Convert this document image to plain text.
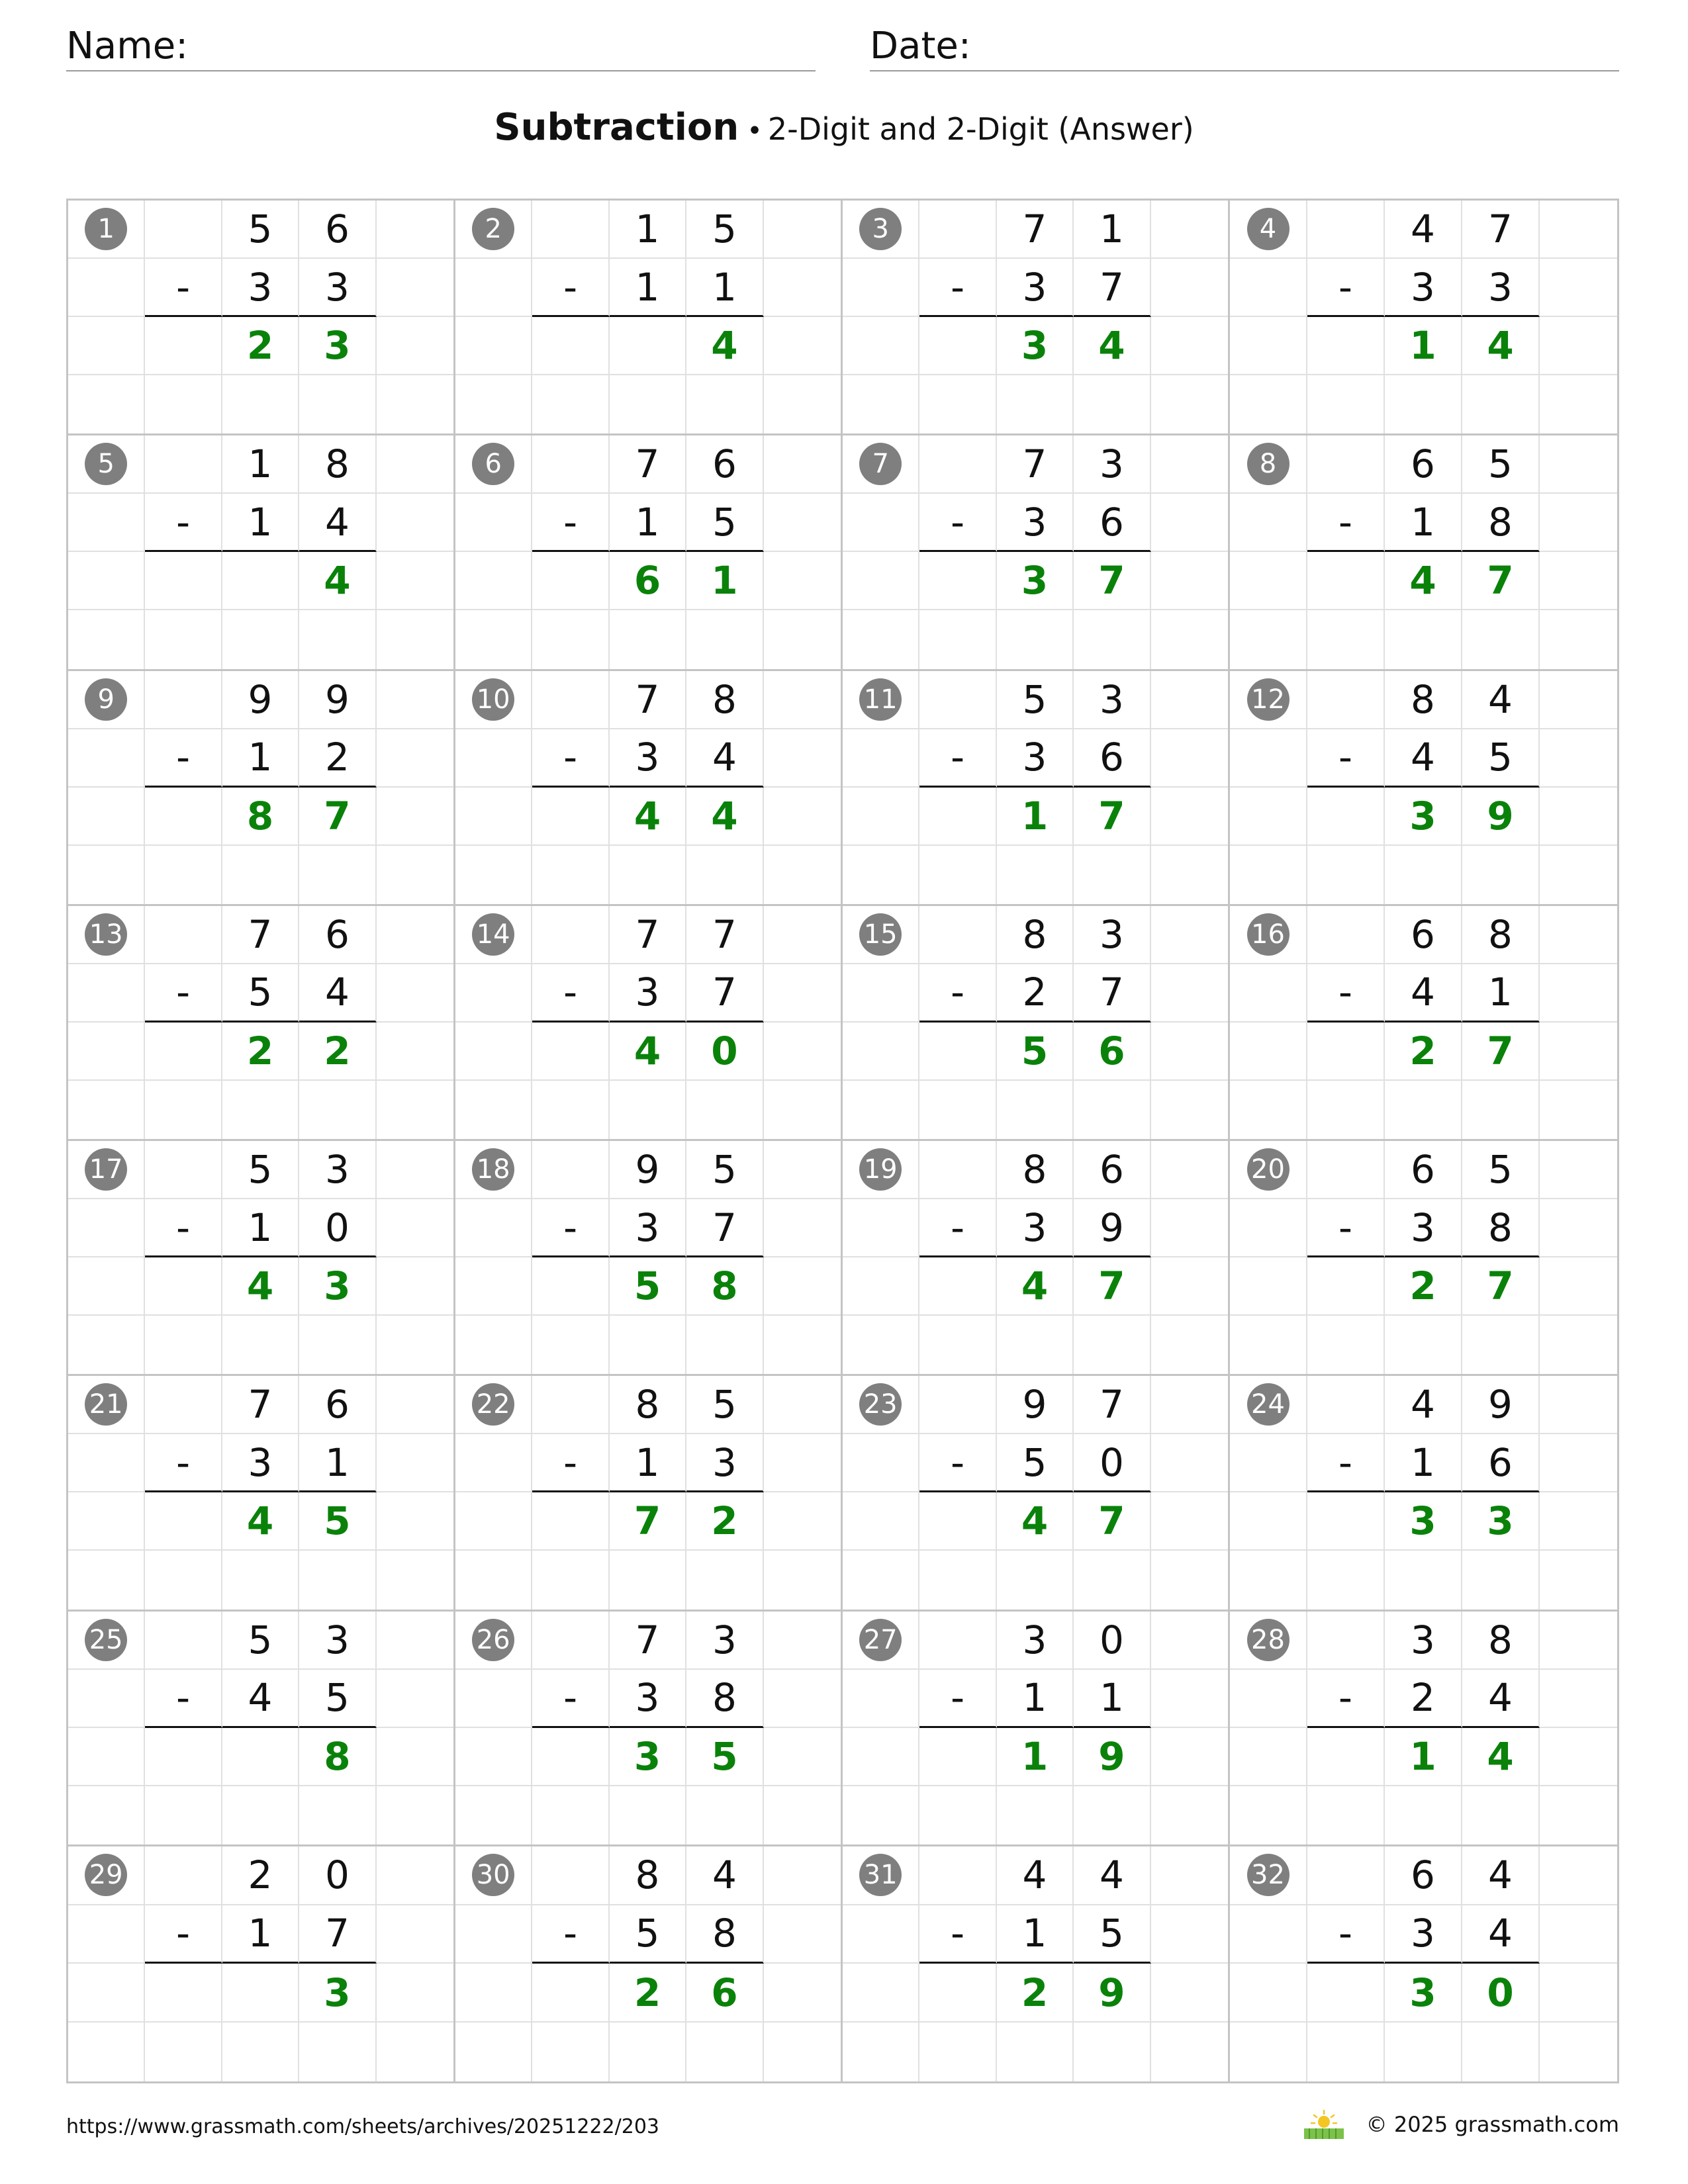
Name:	Date:
Subtraction • 2-Digit and 2-Digit (Answer)
1	5	6
-	3	3
2	3
2	1	5
-	1	1
4
3	7	1
-	3	7
3	4
4	4	7
-	3	3
1	4
5	1	8
-	1	4
4
6	7	6
-	1	5
6	1
7	7	3
-	3	6
3	7
8	6	5
-	1	8
4	7
9	9	9
-	1	2
8	7
10	7	8
-	3	4
4	4
11	5	3
-	3	6
1	7
12	8	4
-	4	5
3	9
13	7	6
-	5	4
2	2
14	7	7
-	3	7
4	0
15	8	3
-	2	7
5	6
16	6	8
-	4	1
2	7
17	5	3
-	1	0
4	3
18	9	5
-	3	7
5	8
19	8	6
-	3	9
4	7
20	6	5
-	3	8
2	7
21	7	6
-	3	1
4	5
22	8	5
-	1	3
7	2
23	9	7
-	5	0
4	7
24	4	9
-	1	6
3	3
25	5	3
-	4	5
8
26	7	3
-	3	8
3	5
27	3	0
-	1	1
1	9
28	3	8
-	2	4
1	4
29	2	0
-	1	7
3
30	8	4
-	5	8
2	6
31	4	4
-	1	5
2	9
32	6	4
-	3	4
3	0
https://www.grassmath.com/sheets/archives/20251222/203	© 2025 grassmath.com
